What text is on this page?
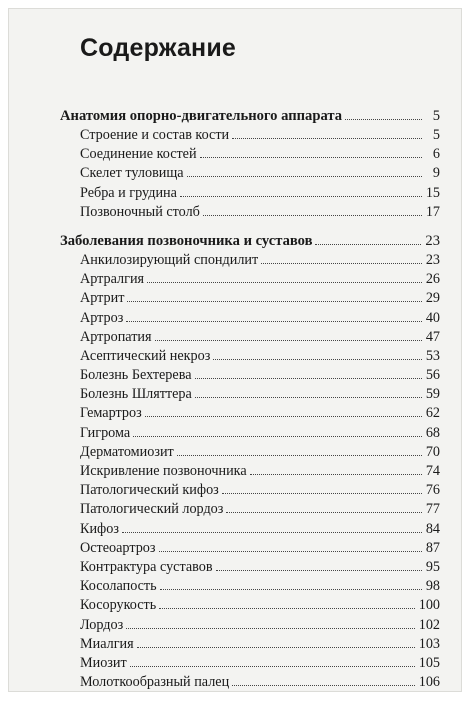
Содержание
Анатомия опорно-двигательного аппарата	5
Строение и состав кости	5
Соединение костей	6
Скелет туловища	9
Ребра и грудина	15
Позвоночный столб	17
Заболевания позвоночника и суставов	23
Анкилозирующий спондилит	23
Артралгия	26
Артрит	29
Артроз	40
Артропатия	47
Асептический некроз	53
Болезнь Бехтерева	56
Болезнь Шляттера	59
Гемартроз	62
Гигрома	68
Дерматомиозит	70
Искривление позвоночника	74
Патологический кифоз	76
Патологический лордоз	77
Кифоз	84
Остеоартроз	87
Контрактура суставов	95
Косолапость	98
Косорукость	100
Лордоз	102
Миалгия	103
Миозит	105
Молоткообразный палец	106
